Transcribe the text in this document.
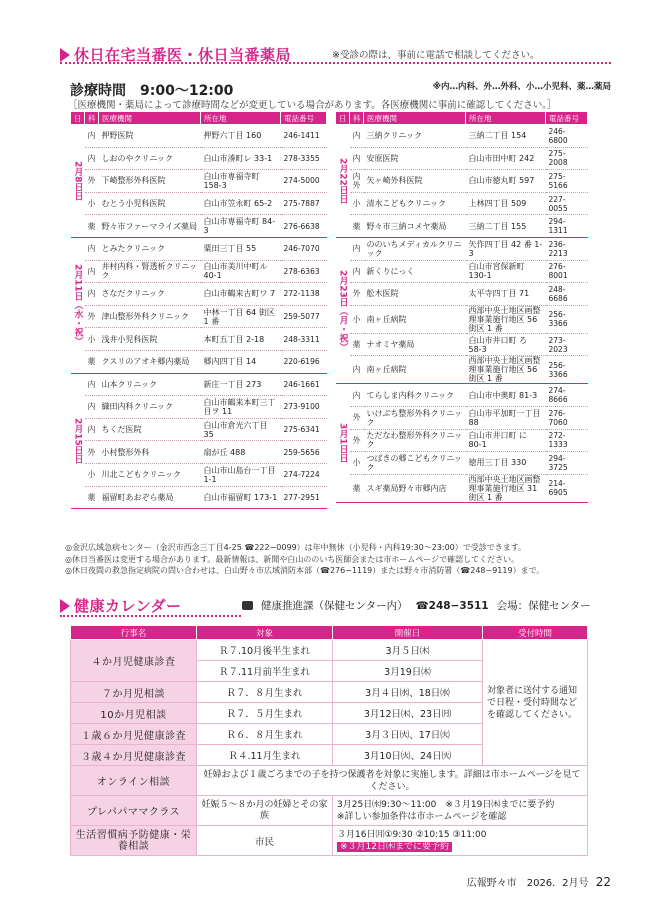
休日在宅当番医・休日当番薬局	※受診の際は、事前に電話で相談してください。
診療時間　9:00〜12:00	※内…内科、外…外科、小…小児科、薬…薬局
［医療機関・薬局によって診療時間などが変更している場合があります。各医療機関に事前に確認してください。］
日	科	医療機関	所在地	電話番号
2月8日日	内	押野医院	押野六丁目 160	246-1411
	内	しおのやクリニック	白山市湊町レ 33-1	278-3355
	外	下崎整形外科医院	白山市専福寺町 158-3	274-5000
	小	むとう小児科医院	白山市笠永町 65-2	275-7887
	薬	野々市ファーマライズ薬局	白山市専福寺町 84-3	276-6638
2月11日（水・祝）	内	とみたクリニック	粟田三丁目 55	246-7070
	内	井村内科・腎透析クリニック	白山市美川中町ル 40-1	278-6363
	内	さなだクリニック	白山市鶴来古町ワ 7	272-1138
	外	津山整形外科クリニック	中林一丁目 64 街区 1 番	259-5077
	小	浅井小児科医院	本町五丁目 2-18	248-3311
	薬	クスリのアオキ郷内薬局	郷内四丁目 14	220-6196
2月15日日	内	山本クリニック	新庄一丁目 273	246-1661
	内	織田内科クリニック	白山市鶴来本町三丁目ヲ 11	273-9100
	内	ちくだ医院	白山市倉光六丁目 35	275-6341
	外	小村整形外科	扇が丘 488	259-5656
	小	川北こどもクリニック	白山市山島台一丁目 1-1	274-7224
	薬	福留町あおぞら薬局	白山市福留町 173-1	277-2951
日	科	医療機関	所在地	電話番号
2月22日日	内	三納クリニック	三納二丁目 154	246-6800
	内	安原医院	白山市田中町 242	275-2008
	内外	矢ヶ崎外科医院	白山市徳丸町 597	275-5166
	小	清水こどもクリニック	上林四丁目 509	227-0055
	薬	野々市三納コメヤ薬局	三納二丁目 155	294-1311
2月23日（月・祝）	内	ののいちメディカルクリニック	矢作四丁目 42 番 1-3	236-2213
	内	新くりにっく	白山市宮保新町 130-1	276-8001
	外	舩木医院	太平寺四丁目 71	248-6686
	小	南ヶ丘病院	西部中央土地区画整理事業施行地区 56 街区 1 番	256-3366
	薬	ナオミヤ薬局	白山市井口町 ろ 58-3	273-2023
	内	南ヶ丘病院	西部中央土地区画整理事業施行地区 56 街区 1 番	256-3366
3月1日日	内	てらしま内科クリニック	白山市中奥町 81-3	274-8666
	外	いけぶち整形外科クリニック	白山市平加町一丁目 88	276-7060
	外	ただなわ整形外科クリニック	白山市井口町 に 80-1	272-1333
	小	つばきの郷こどもクリニック	徳用三丁目 330	294-3725
	薬	スギ薬局野々市郷内店	西部中央土地区画整理事業施行地区 31 街区 1 番	214-6905
◎金沢広域急病センター（金沢市西念三丁目4-25 ☎222−0099）は年中無休（小児科・内科19:30〜23:00）で受診できます。
◎休日当番医は変更する場合があります。最新情報は、新聞や白山ののいち医師会または市ホームページで確認してください。
◎休日夜間の救急指定病院の問い合わせは、白山野々市広域消防本部（☎276−1119）または野々市消防署（☎248−9119）まで。
健康カレンダー	健康推進課（保健センター内） ☎248−3511 会場：保健センター
行事名	対象	開催日	受付時間
４か月児健康診査	Ｒ７.10月後半生まれ	3月５日㈭	対象者に送付する通知で日程・受付時間などを確認してください。
	Ｒ７.11月前半生まれ	3月19日㈭	
７か月児相談	Ｒ７．８月生まれ	3月４日㈬、18日㈬	
10か月児相談	Ｒ７．５月生まれ	3月12日㈭、23日㈪	
１歳６か月児健康診査	Ｒ６．８月生まれ	3月３日㈫、17日㈫	
３歳４か月児健康診査	Ｒ４.11月生まれ	3月10日㈫、24日㈫	
オンライン相談	妊婦および１歳ごろまでの子を持つ保護者を対象に実施します。詳細は市ホームページを見てください。		
プレパパママクラス	妊娠５〜８か月の妊婦とその家族	3月25日㈬9:30〜11:00　※３月19日㈭までに要予約
※詳しい参加条件は市ホームページを確認	

生活習慣病予防健康・栄養相談	市民	３月16日㈪①9:30 ②10:15 ③11:00
※３月12日㈭までに要予約	
広報野々市　2026．2月号 22
